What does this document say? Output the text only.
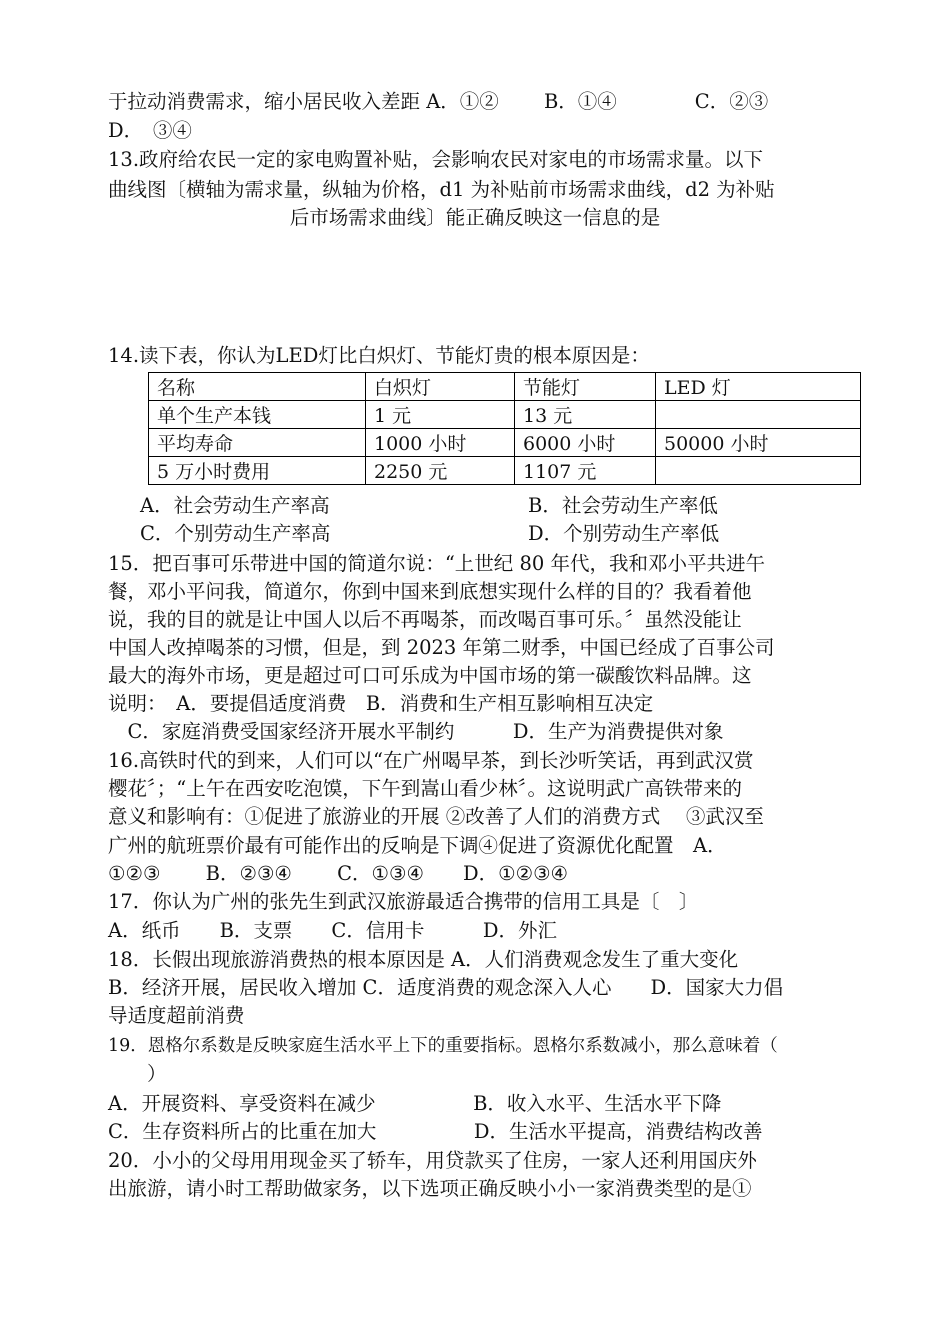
于拉动消费需求，缩小居民收入差距 A．①②　　 B．①④　　　　C．②③
D．　③④
13.政府给农民一定的家电购置补贴，会影响农民对家电的市场需求量。以下
曲线图〔横轴为需求量，纵轴为价格，d1 为补贴前市场需求曲线，d2 为补贴
后市场需求曲线〕能正确反映这一信息的是
14.读下表，你认为LED灯比白炽灯、节能灯贵的根本原因是：
名称	白炽灯	节能灯	LED 灯
单个生产本钱	1 元	13 元	
平均寿命	1000 小时	6000 小时	50000 小时
5 万小时费用	2250 元	1107 元	
A．社会劳动生产率高	B．社会劳动生产率低
C．个别劳动生产率高	D．个别劳动生产率低
15．把百事可乐带进中国的简道尔说：“上世纪 80 年代，我和邓小平共进午
餐，邓小平问我，简道尔，你到中国来到底想实现什么样的目的？我看着他
说，我的目的就是让中国人以后不再喝茶，而改喝百事可乐。〞虽然没能让
中国人改掉喝茶的习惯，但是，到 2023 年第二财季，中国已经成了百事公司
最大的海外市场，更是超过可口可乐成为中国市场的第一碳酸饮料品牌。这
说明：　A．要提倡适度消费　B．消费和生产相互影响相互决定
　C．家庭消费受国家经济开展水平制约　　　D．生产为消费提供对象
16.高铁时代的到来，人们可以“在广州喝早茶，到长沙听笑话，再到武汉赏
樱花〞；“上午在西安吃泡馍，下午到嵩山看少林〞。这说明武广高铁带来的
意义和影响有：①促进了旅游业的开展 ②改善了人们的消费方式　 ③武汉至
广州的航班票价最有可能作出的反响是下调④促进了资源优化配置　A．
①②③　　 B．②③④　　 C．①③④　　D．①②③④
17．你认为广州的张先生到武汉旅游最适合携带的信用工具是〔　〕
A．纸币　　B．支票　　C．信用卡　　　D．外汇
18．长假出现旅游消费热的根本原因是 A．人们消费观念发生了重大变化
B．经济开展，居民收入增加 C．适度消费的观念深入人心　　D．国家大力倡
导适度超前消费
19．恩格尔系数是反映家庭生活水平上下的重要指标。恩格尔系数减小，那么意味着（
　　）
A．开展资料、享受资料在减少　　　　　B．收入水平、生活水平下降
C．生存资料所占的比重在加大　　　　　D．生活水平提高，消费结构改善
20．小小的父母用用现金买了轿车，用贷款买了住房，一家人还利用国庆外
出旅游，请小时工帮助做家务，以下选项正确反映小小一家消费类型的是①
